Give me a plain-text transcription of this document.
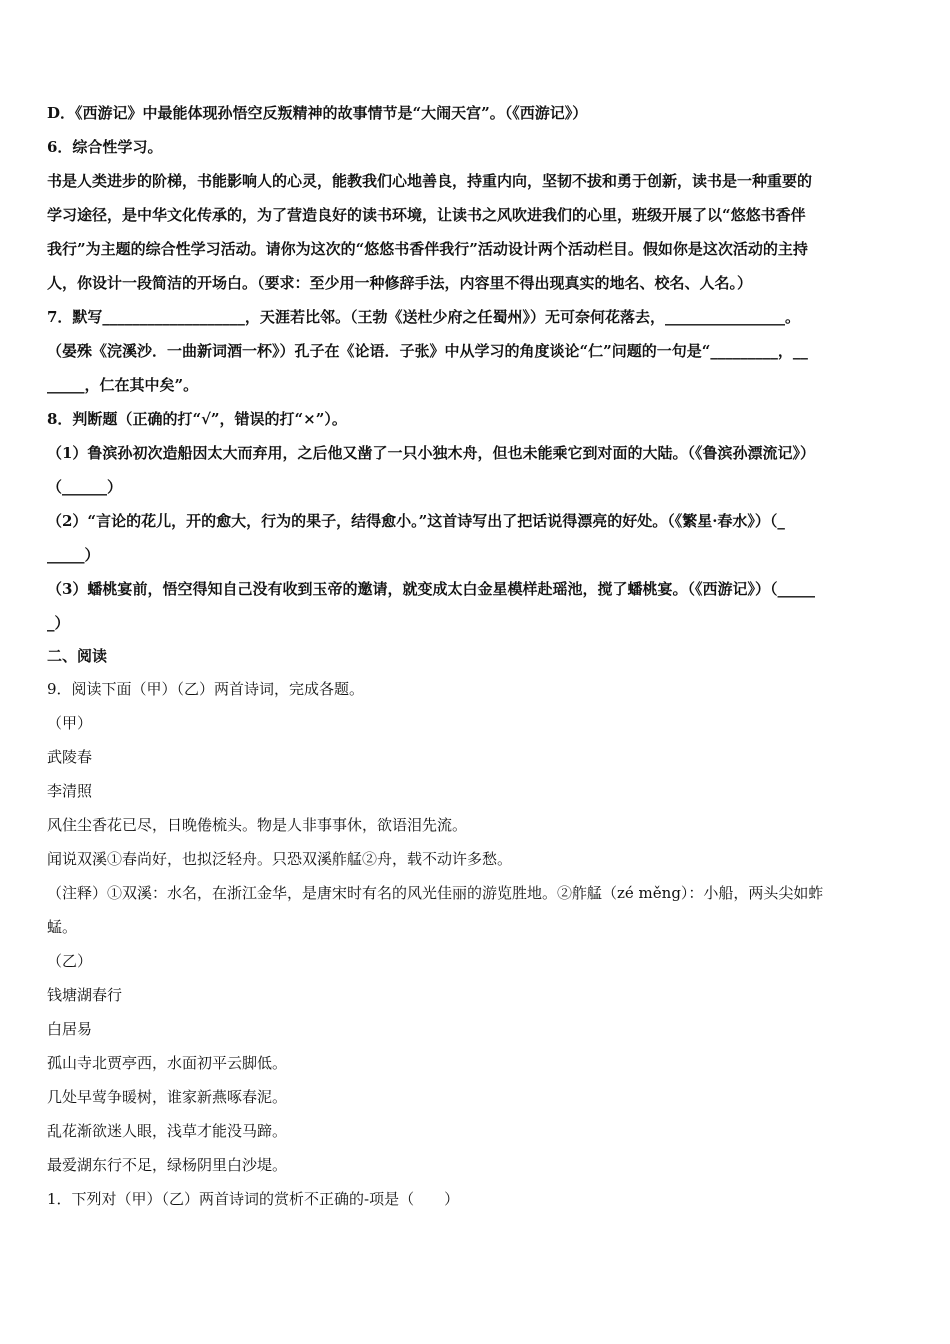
D．《西游记》中最能体现孙悟空反叛精神的故事情节是“大闹天宫”。（《西游记》）
6．综合性学习。
书是人类进步的阶梯，书能影响人的心灵，能教我们心地善良，持重内向，坚韧不拔和勇于创新，读书是一种重要的
学习途径，是中华文化传承的，为了营造良好的读书环境，让读书之风吹进我们的心里，班级开展了以“悠悠书香伴
我行”为主题的综合性学习活动。请你为这次的“悠悠书香伴我行”活动设计两个活动栏目。假如你是这次活动的主持
人，你设计一段简洁的开场白。（要求：至少用一种修辞手法，内容里不得出现真实的地名、校名、人名。）
7．默写___________________，天涯若比邻。（王勃《送杜少府之任蜀州》）无可奈何花落去，________________。
（晏殊《浣溪沙．一曲新词酒一杯》）孔子在《论语．子张》中从学习的角度谈论“仁”问题的一句是“_________，__
_____，仁在其中矣”。
8．判断题（正确的打“√”，错误的打“×”）。
（1）鲁滨孙初次造船因太大而弃用，之后他又凿了一只小独木舟，但也未能乘它到对面的大陆。（《鲁滨孙漂流记》）
（______）
（2）“言论的花儿，开的愈大，行为的果子，结得愈小。”这首诗写出了把话说得漂亮的好处。（《繁星·春水》）（_
_____）
（3）蟠桃宴前，悟空得知自己没有收到玉帝的邀请，就变成太白金星模样赴瑶池，搅了蟠桃宴。（《西游记》）（_____
_）
二、阅读
9．阅读下面（甲）（乙）两首诗词，完成各题。
（甲）
武陵春
李清照
风住尘香花已尽，日晚倦梳头。物是人非事事休，欲语泪先流。
闻说双溪①春尚好，也拟泛轻舟。只恐双溪舴艋②舟，载不动许多愁。
（注释）①双溪：水名，在浙江金华，是唐宋时有名的风光佳丽的游览胜地。②舴艋（zé měng）：小船，两头尖如蚱
蜢。
（乙）
钱塘湖春行
白居易
孤山寺北贾亭西，水面初平云脚低。
几处早莺争暖树，谁家新燕啄春泥。
乱花渐欲迷人眼，浅草才能没马蹄。
最爱湖东行不足，绿杨阴里白沙堤。
1．下列对（甲）（乙）两首诗词的赏析不正确的-项是（　　）
